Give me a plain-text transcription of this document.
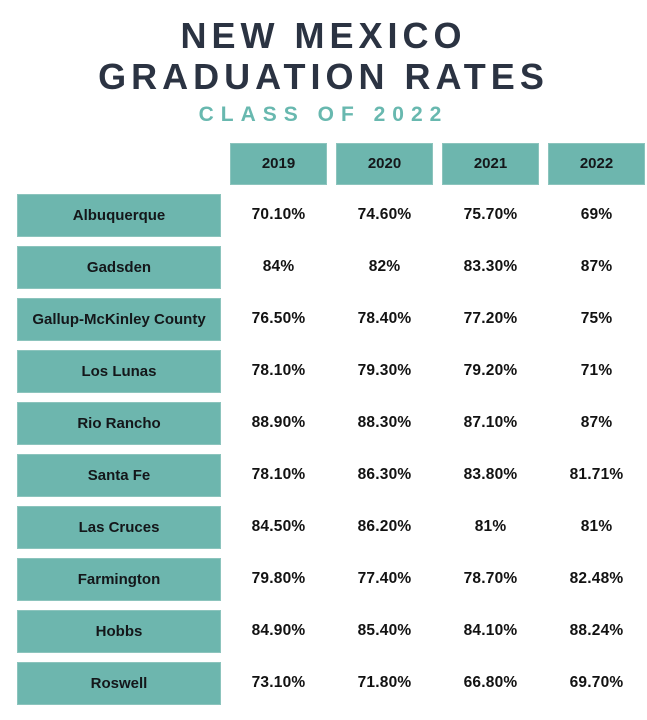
NEW MEXICO
GRADUATION RATES
CLASS OF 2022
2019	2020	2021	2022
Albuquerque	70.10%	74.60%	75.70%	69%
Gadsden	84%	82%	83.30%	87%
Gallup-McKinley County	76.50%	78.40%	77.20%	75%
Los Lunas	78.10%	79.30%	79.20%	71%
Rio Rancho	88.90%	88.30%	87.10%	87%
Santa Fe	78.10%	86.30%	83.80%	81.71%
Las Cruces	84.50%	86.20%	81%	81%
Farmington	79.80%	77.40%	78.70%	82.48%
Hobbs	84.90%	85.40%	84.10%	88.24%
Roswell	73.10%	71.80%	66.80%	69.70%
